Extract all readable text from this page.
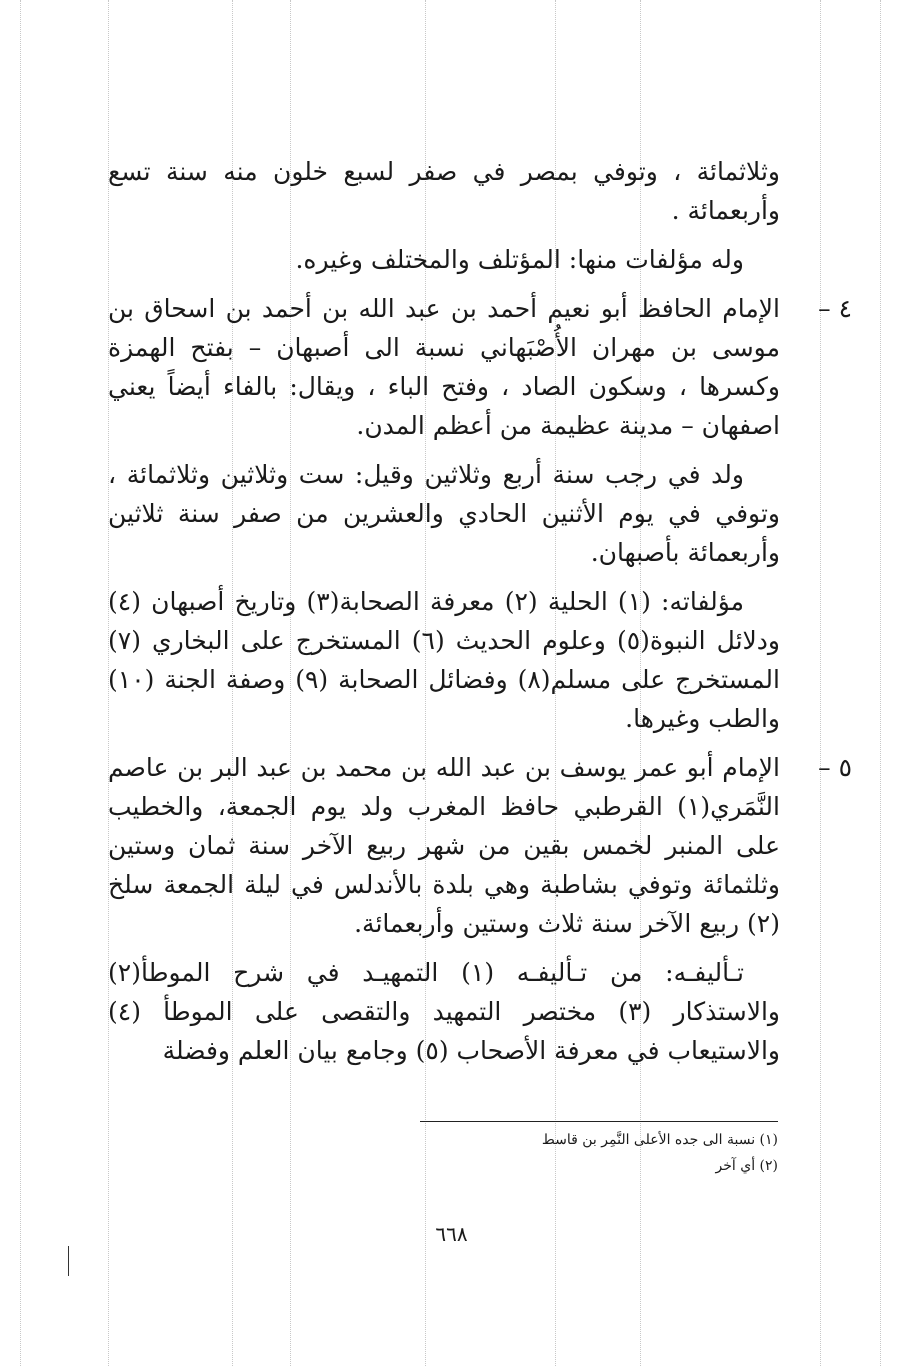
وثلاثمائة ، وتوفي بمصر في صفر لسبع خلون منه سنة تسع وأربعمائة .

وله مؤلفات منها: المؤتلف والمختلف وغيره.

٤ –
الإمام الحافظ أبو نعيم أحمد بن عبد الله بن أحمد بن اسحاق بن موسى بن مهران الأُصْبَهاني نسبة الى أصبهان – بفتح الهمزة وكسرها ، وسكون الصاد ، وفتح الباء ، ويقال: بالفاء أيضاً يعني اصفهان – مدينة عظيمة من أعظم المدن.

ولد في رجب سنة أربع وثلاثين وقيل: ست وثلاثين وثلاثمائة ، وتوفي في يوم الأثنين الحادي والعشرين من صفر سنة ثلاثين وأربعمائة بأصبهان.

مؤلفاته: (١) الحلية (٢) معرفة الصحابة(٣) وتاريخ أصبهان (٤) ودلائل النبوة(٥) وعلوم الحديث (٦) المستخرج على البخاري (٧) المستخرج على مسلم(٨) وفضائل الصحابة (٩) وصفة الجنة (١٠) والطب وغيرها.

٥ –
الإمام أبو عمر يوسف بن عبد الله بن محمد بن عبد البر بن عاصم النَّمَري(١) القرطبي حافظ المغرب ولد يوم الجمعة، والخطيب على المنبر لخمس بقين من شهر ربيع الآخر سنة ثمان وستين وثلثمائة وتوفي بشاطبة وهي بلدة بالأندلس في ليلة الجمعة سلخ (٢) ربيع الآخر سنة ثلاث وستين وأربعمائة.

تـأليفـه: من تـأليفـه (١) التمهيـد في شرح الموطأ(٢) والاستذكار (٣) مختصر التمهيد والتقصى على الموطأ (٤) والاستيعاب في معرفة الأصحاب (٥) وجامع بيان العلم وفضلة

(١) نسبة الى جده الأعلى النَّمِر بن قاسط
(٢) أي آخر
٦٦٨
